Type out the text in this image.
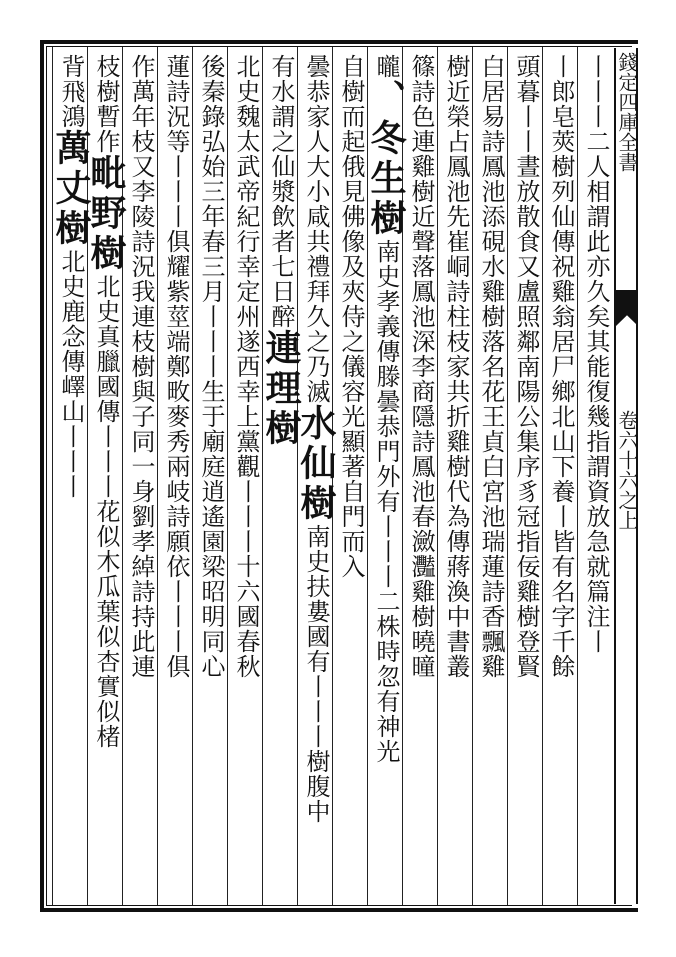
錢定四庫全書
卷六十六之上
丨丨丨二人相謂此亦久矣其能復幾指謂資放急就篇注丨
丨郎皂莢樹列仙傳祝雞翁居尸鄉北山下養丨皆有名字千餘
頭暮丨丨晝放散食又盧照鄰南陽公集序豸冠指佞雞樹登賢
白居易詩鳳池添硯水雞樹落名花王貞白宮池瑞蓮詩香飄雞
樹近榮占鳳池先崔峒詩柱枝家共折雞樹代為傳蔣渙中書叢
篠詩色連雞樹近聲落鳳池深李商隱詩鳳池春瀲灩雞樹曉曈
曨、冬生樹南史孝義傳滕曇恭門外有丨丨丨二株時忽有神光
自樹而起俄見佛像及夾侍之儀容光顯著自門而入
曇恭家人大小咸共禮拜久之乃滅水仙樹南史扶婁國有丨丨丨樹腹中
有水謂之仙漿飲者七日醉連理樹
北史魏太武帝紀行幸定州遂西幸上黨觀丨丨丨十六國春秋
後秦錄弘始三年春三月丨丨丨生于廟庭逍遙園梁昭明同心
蓮詩況等丨丨丨俱耀紫莖端鄭畋麥秀兩岐詩願依丨丨丨俱
作萬年枝又李陵詩況我連枝樹與子同一身劉孝綽詩持此連
枝樹暫作毗野樹北史真臘國傳丨丨丨花似木瓜葉似杏實似楮
背飛鴻萬丈樹北史鹿念傳嶧山丨丨丨
